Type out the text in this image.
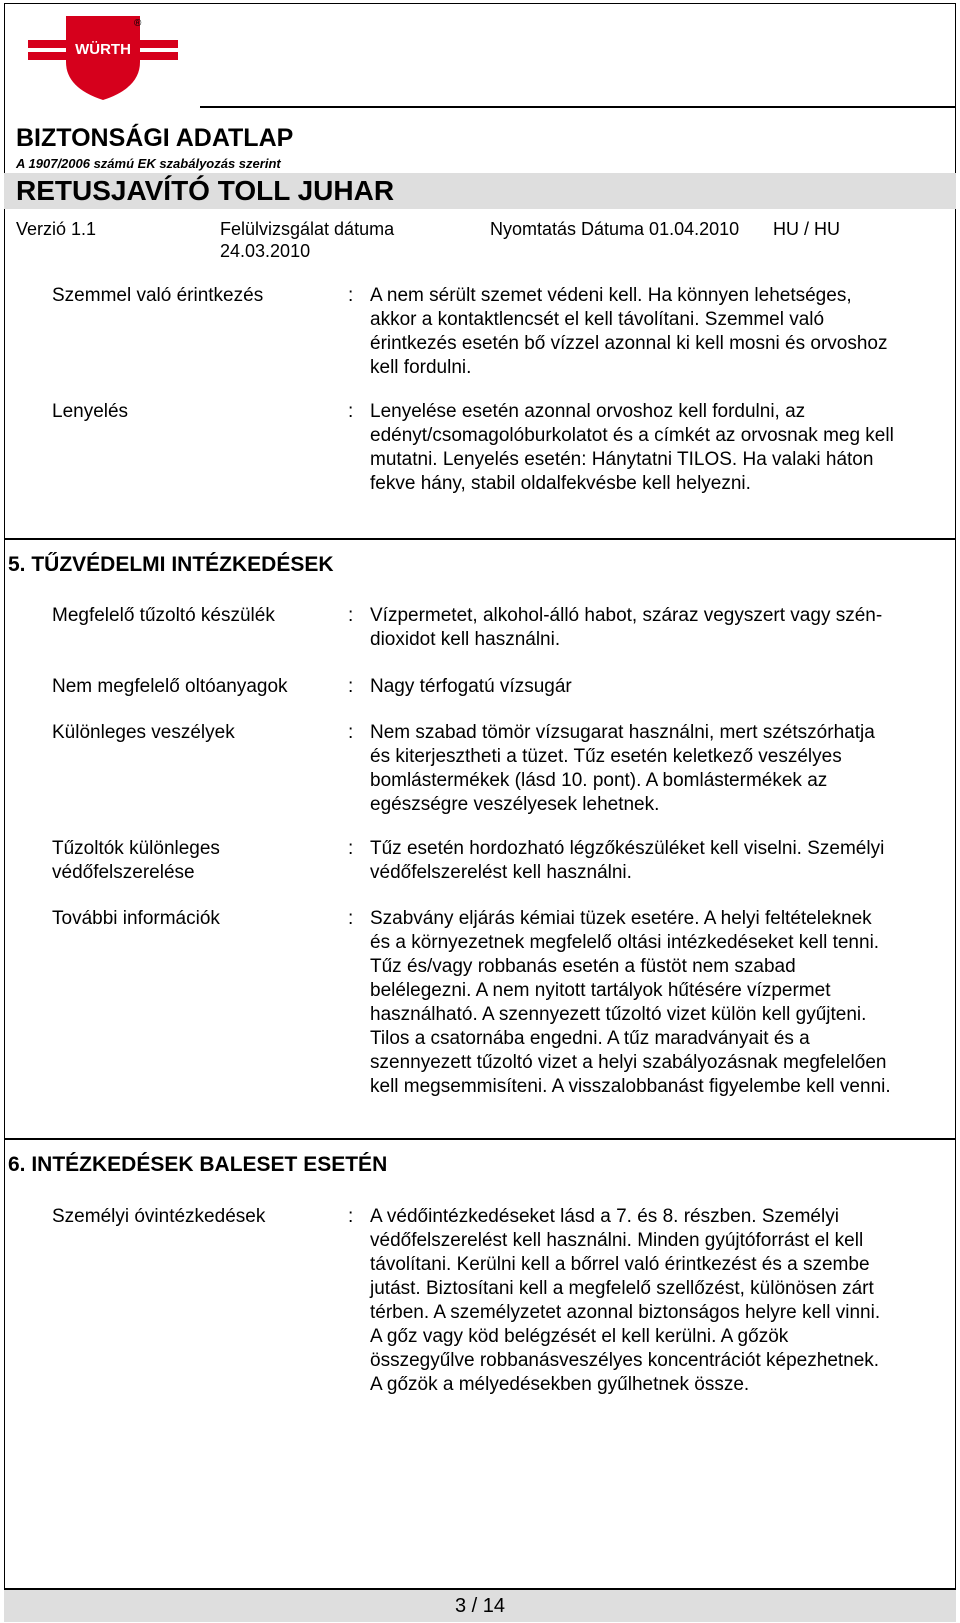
WÜRTH
®
BIZTONSÁGI ADATLAP
A 1907/2006 számú EK szabályozás szerint
RETUSJAVÍTÓ TOLL JUHAR
Verzió 1.1	Felülvizsgálat dátuma
24.03.2010
Nyomtatás Dátuma 01.04.2010 HU / HU
Szemmel való érintkezés	: A nem sérült szemet védeni kell. Ha könnyen lehetséges,
akkor a kontaktlencsét el kell távolítani. Szemmel való
érintkezés esetén bő vízzel azonnal ki kell mosni és orvoshoz
kell fordulni.
Lenyelés	: Lenyelése esetén azonnal orvoshoz kell fordulni, az
edényt/csomagolóburkolatot és a címkét az orvosnak meg kell
mutatni. Lenyelés esetén: Hánytatni TILOS. Ha valaki háton
fekve hány, stabil oldalfekvésbe kell helyezni.
5. TŰZVÉDELMI INTÉZKEDÉSEK
Megfelelő tűzoltó készülék	: Vízpermetet, alkohol-álló habot, száraz vegyszert vagy szén-
dioxidot kell használni.
Nem megfelelő oltóanyagok	: Nagy térfogatú vízsugár
Különleges veszélyek	: Nem szabad tömör vízsugarat használni, mert szétszórhatja
és kiterjesztheti a tüzet. Tűz esetén keletkező veszélyes
bomlástermékek (lásd 10. pont). A bomlástermékek az
egészségre veszélyesek lehetnek.
Tűzoltók különleges
védőfelszerelése
: Tűz esetén hordozható légzőkészüléket kell viselni. Személyi
védőfelszerelést kell használni.
További információk	: Szabvány eljárás kémiai tüzek esetére. A helyi feltételeknek
és a környezetnek megfelelő oltási intézkedéseket kell tenni.
Tűz és/vagy robbanás esetén a füstöt nem szabad
belélegezni. A nem nyitott tartályok hűtésére vízpermet
használható. A szennyezett tűzoltó vizet külön kell gyűjteni.
Tilos a csatornába engedni. A tűz maradványait és a
szennyezett tűzoltó vizet a helyi szabályozásnak megfelelően
kell megsemmisíteni. A visszalobbanást figyelembe kell venni.
6. INTÉZKEDÉSEK BALESET ESETÉN
Személyi óvintézkedések	: A védőintézkedéseket lásd a 7. és 8. részben. Személyi
védőfelszerelést kell használni. Minden gyújtóforrást el kell
távolítani. Kerülni kell a bőrrel való érintkezést és a szembe
jutást. Biztosítani kell a megfelelő szellőzést, különösen zárt
térben. A személyzetet azonnal biztonságos helyre kell vinni.
A gőz vagy köd belégzését el kell kerülni. A gőzök
összegyűlve robbanásveszélyes koncentrációt képezhetnek.
A gőzök a mélyedésekben gyűlhetnek össze.
3 / 14
